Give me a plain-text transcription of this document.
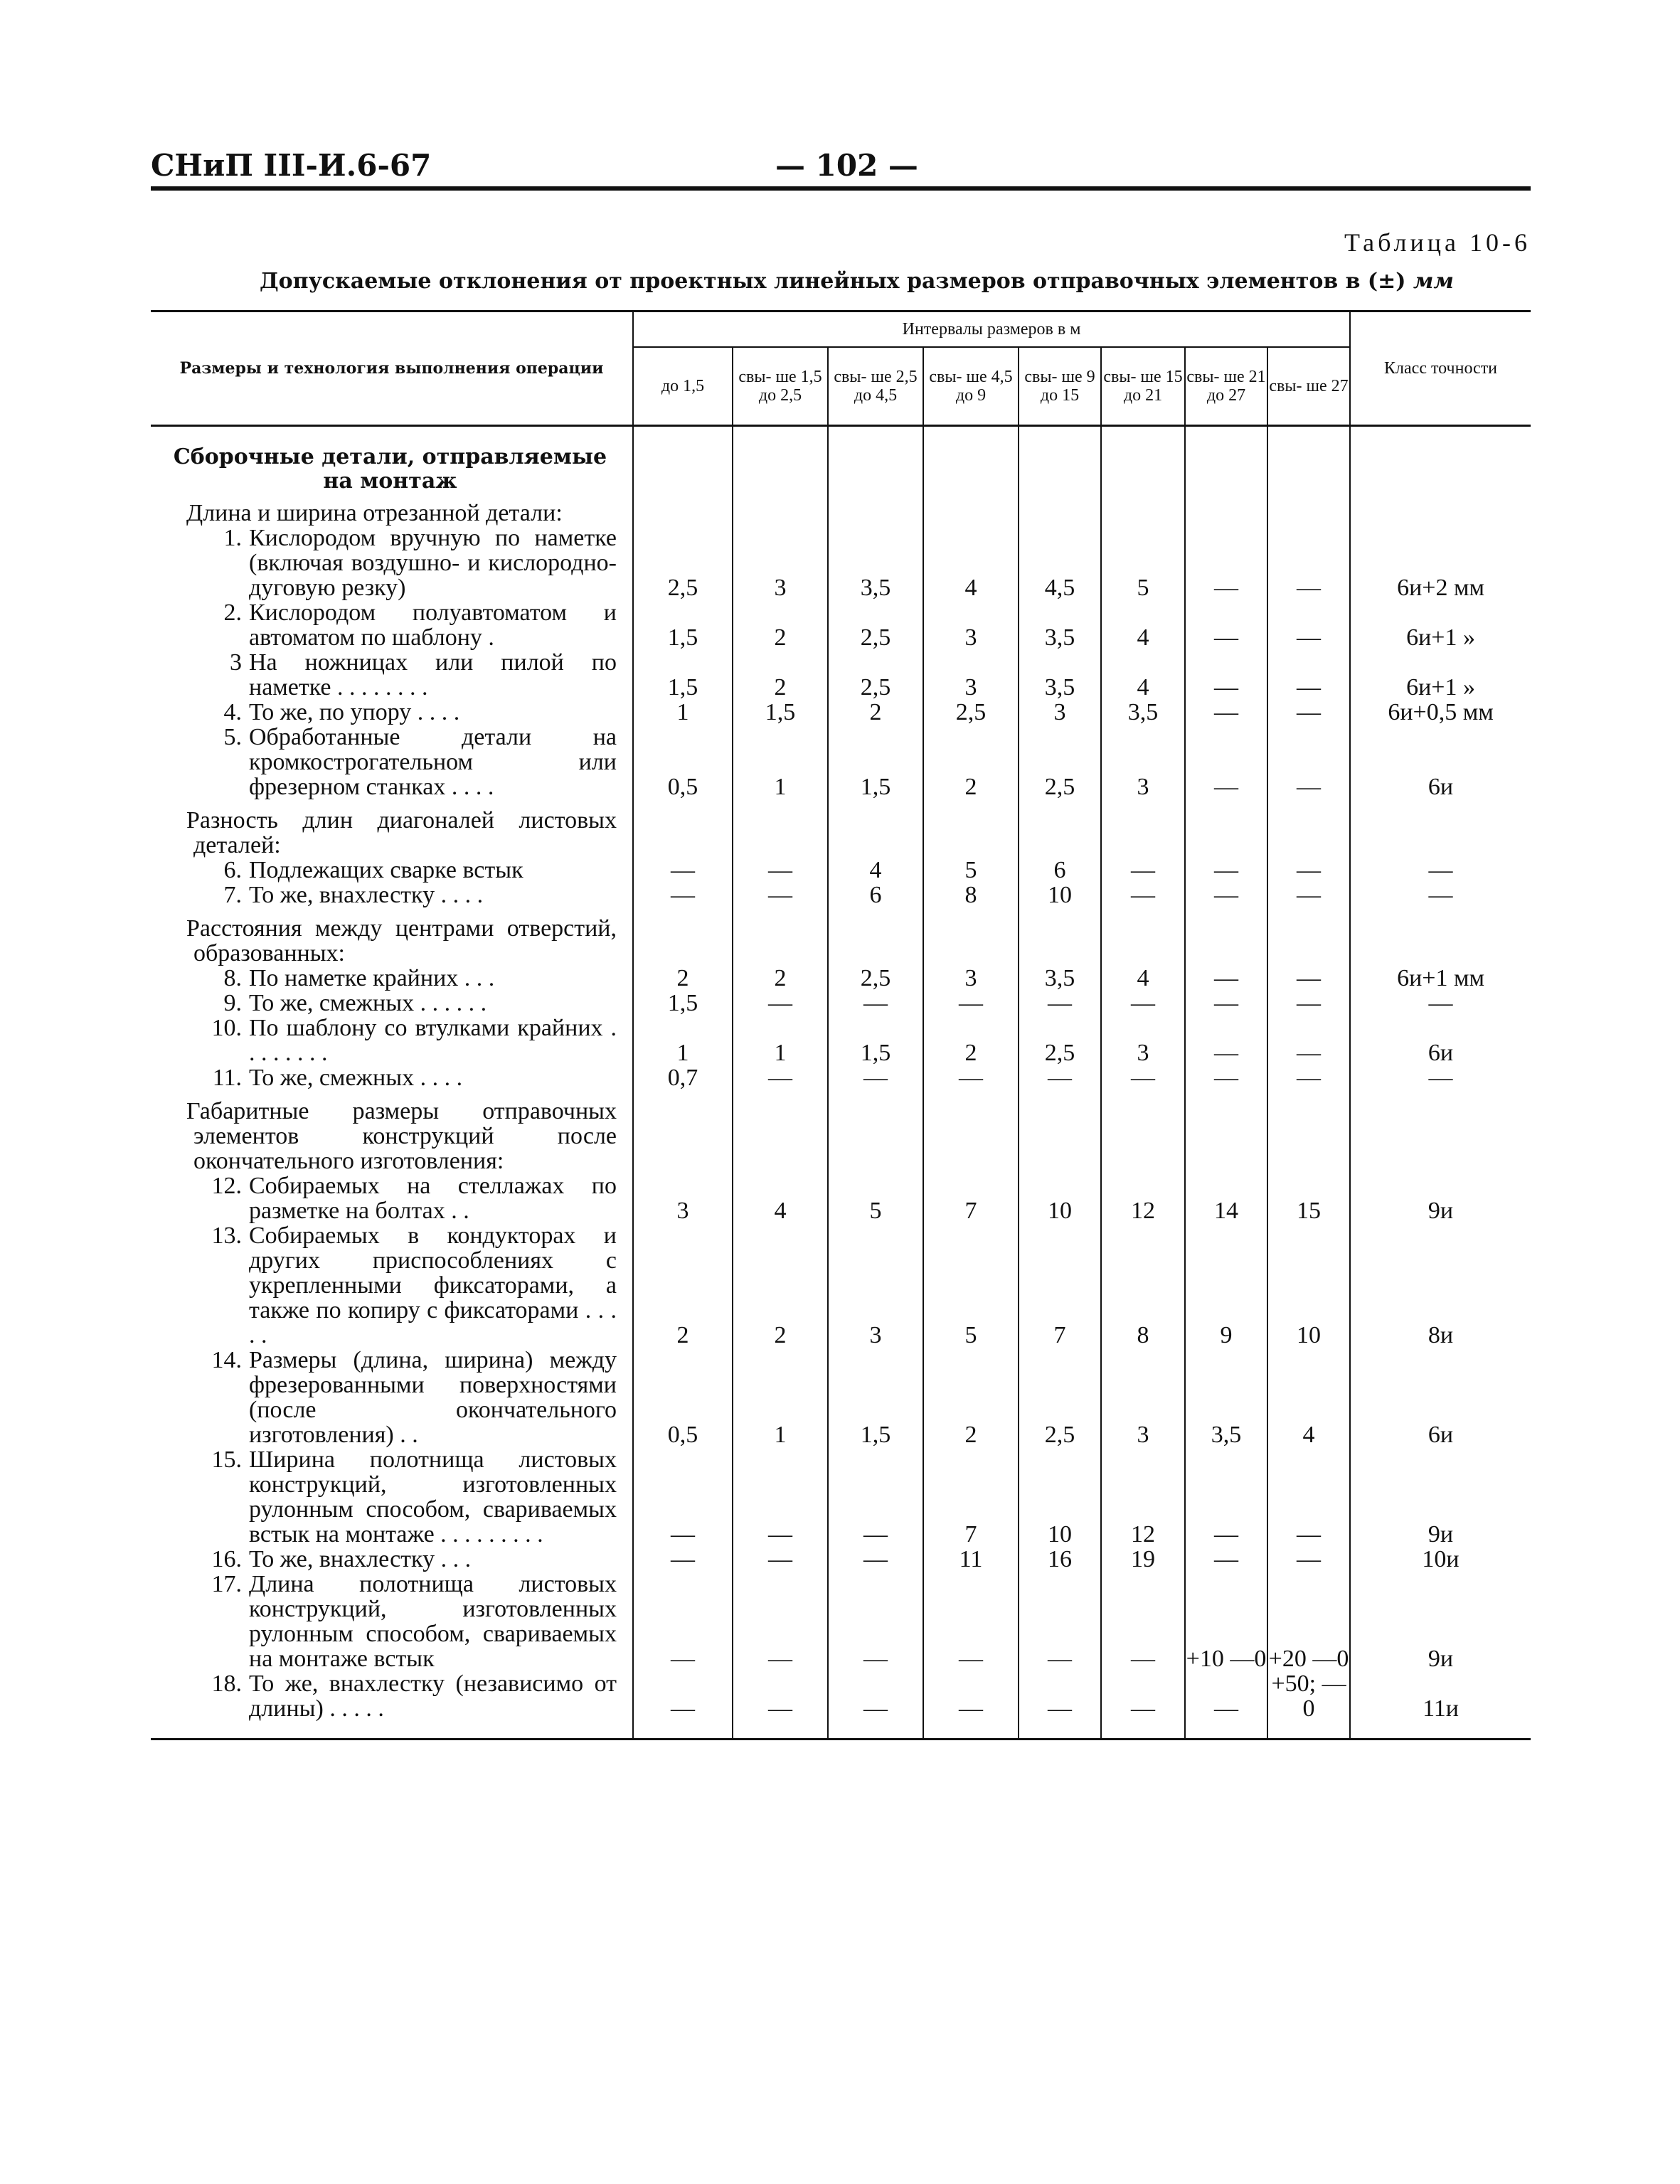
СНиП III-И.6-67	— 102 —
Таблица 10-6
Допускаемые отклонения от проектных линейных размеров отправочных элементов в (±) мм
Размеры и технология выполнения операции	Интервалы размеров в м								Класс точности
	до 1,5	свы- ше 1,5 до 2,5	свы- ше 2,5 до 4,5	свы- ше 4,5 до 9	свы- ше 9 до 15	свы- ше 15 до 21	свы- ше 21 до 27	свы- ше 27	

Сборочные детали, отправляемые на монтаж									

Длина и ширина отрезанной детали:									

1. Кислородом вручную по наметке (включая воздушно- и кислородно-дуговую резку)	2,5	3	3,5	4	4,5	5	—	—	6и+2 мм

2. Кислородом полуавтоматом и автоматом по шаблону .	1,5	2	2,5	3	3,5	4	—	—	6и+1 »

3 На ножницах или пилой по наметке . . . . . . . .	1,5	2	2,5	3	3,5	4	—	—	6и+1 »

4. То же, по упору . . . .	1	1,5	2	2,5	3	3,5	—	—	6и+0,5 мм

5. Обработанные детали на кромкострогательном или фрезерном станках . . . .	0,5	1	1,5	2	2,5	3	—	—	6и

Разность длин диагоналей листовых деталей:									

6. Подлежащих сварке встык	—	—	4	5	6	—	—	—	—

7. То же, внахлестку . . . .	—	—	6	8	10	—	—	—	—

Расстояния между центрами отверстий, образованных:									

8. По наметке крайних . . .	2	2	2,5	3	3,5	4	—	—	6и+1 мм

9. То же, смежных . . . . . .	1,5	—	—	—	—	—	—	—	—

10. По шаблону со втулками крайних . . . . . . . .	1	1	1,5	2	2,5	3	—	—	6и

11. То же, смежных . . . .	0,7	—	—	—	—	—	—	—	—

Габаритные размеры отправочных элементов конструкций после окончательного изготовления:									

12. Собираемых на стеллажах по разметке на болтах . .	3	4	5	7	10	12	14	15	9и

13. Собираемых в кондукторах и других приспособлениях с укрепленными фиксаторами, а также по копиру с фиксаторами . . . . .	2	2	3	5	7	8	9	10	8и

14. Размеры (длина, ширина) между фрезерованными поверхностями (после окончательного изготовления) . .	0,5	1	1,5	2	2,5	3	3,5	4	6и

15. Ширина полотнища листовых конструкций, изготовленных рулонным способом, свариваемых встык на монтаже . . . . . . . . .	—	—	—	7	10	12	—	—	9и

16. То же, внахлестку . . .	—	—	—	11	16	19	—	—	10и

17. Длина полотнища листовых конструкций, изготовленных рулонным способом, свариваемых на монтаже встык	—	—	—	—	—	—	+10 —0	+20 —0	9и

18. То же, внахлестку (независимо от длины) . . . . .	—	—	—	—	—	—	—	+50; —0	11и
